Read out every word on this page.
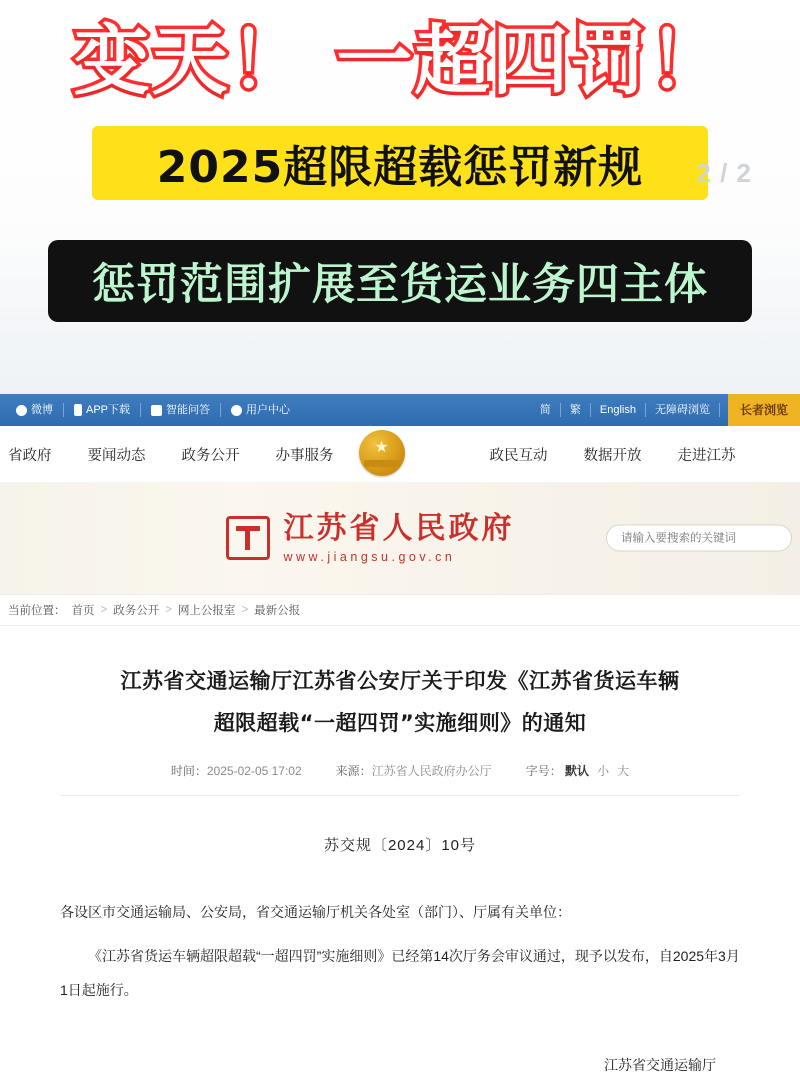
变天！ 一超四罚！
2025超限超载惩罚新规
惩罚范围扩展至货运业务四主体
2 / 2
微博	APP下载	智能问答	用户中心	简	繁	English	无障碍浏览	长者浏览
省政府 要闻动态 政务公开 办事服务	★	政民互动 数据开放 走进江苏
江苏省人民政府
www.jiangsu.gov.cn
请输入要搜索的关键词
当前位置： 首页 > 政务公开 > 网上公报室 > 最新公报
江苏省交通运输厅江苏省公安厅关于印发《江苏省货运车辆
超限超载“一超四罚”实施细则》的通知
时间：2025-02-05 17:02	来源：江苏省人民政府办公厅	字号： 默认 小 大
苏交规〔2024〕10号

各设区市交通运输局、公安局，省交通运输厅机关各处室（部门）、厅属有关单位：

《江苏省货运车辆超限超载“一超四罚”实施细则》已经第14次厅务会审议通过，现予以发布，自2025年3月1日起施行。

江苏省交通运输厅
